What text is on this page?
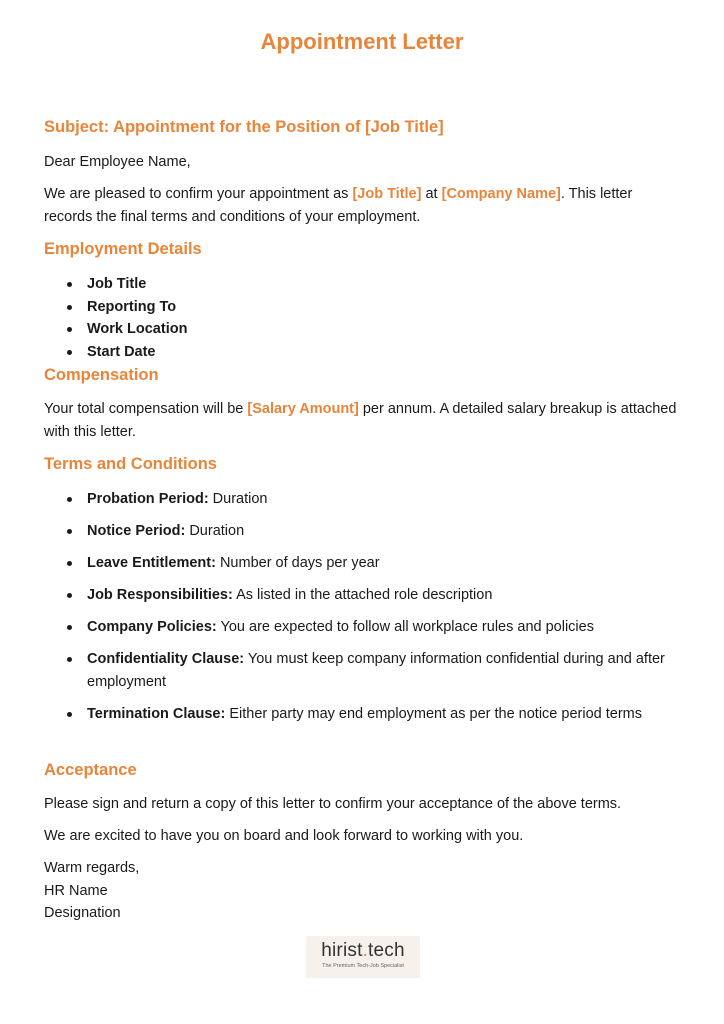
Appointment Letter
Subject: Appointment for the Position of [Job Title]
Dear Employee Name,
We are pleased to confirm your appointment as [Job Title] at [Company Name]. This letter records the final terms and conditions of your employment.
Employment Details
Job Title
Reporting To
Work Location
Start Date
Compensation
Your total compensation will be [Salary Amount] per annum. A detailed salary breakup is attached with this letter.
Terms and Conditions
Probation Period: Duration
Notice Period: Duration
Leave Entitlement: Number of days per year
Job Responsibilities: As listed in the attached role description
Company Policies: You are expected to follow all workplace rules and policies
Confidentiality Clause: You must keep company information confidential during and after employment
Termination Clause: Either party may end employment as per the notice period terms
Acceptance
Please sign and return a copy of this letter to confirm your acceptance of the above terms.
We are excited to have you on board and look forward to working with you.
Warm regards,
HR Name
Designation
hirist.tech
The Premium Tech-Job Specialist
